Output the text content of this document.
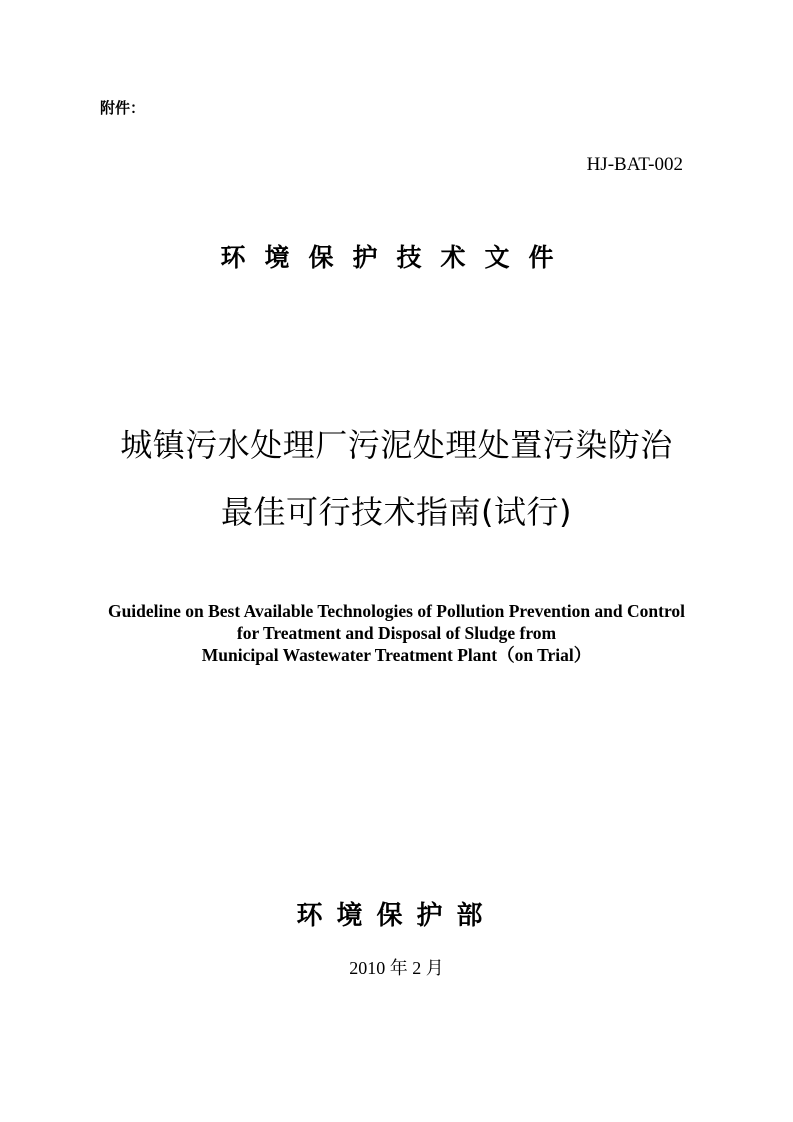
附件：
HJ-BAT-002
环境保护技术文件
城镇污水处理厂污泥处理处置污染防治
最佳可行技术指南(试行)
Guideline on Best Available Technologies of Pollution Prevention and Control
for Treatment and Disposal of Sludge from
Municipal Wastewater Treatment Plant（on Trial）
环境保护部
2010 年 2 月
